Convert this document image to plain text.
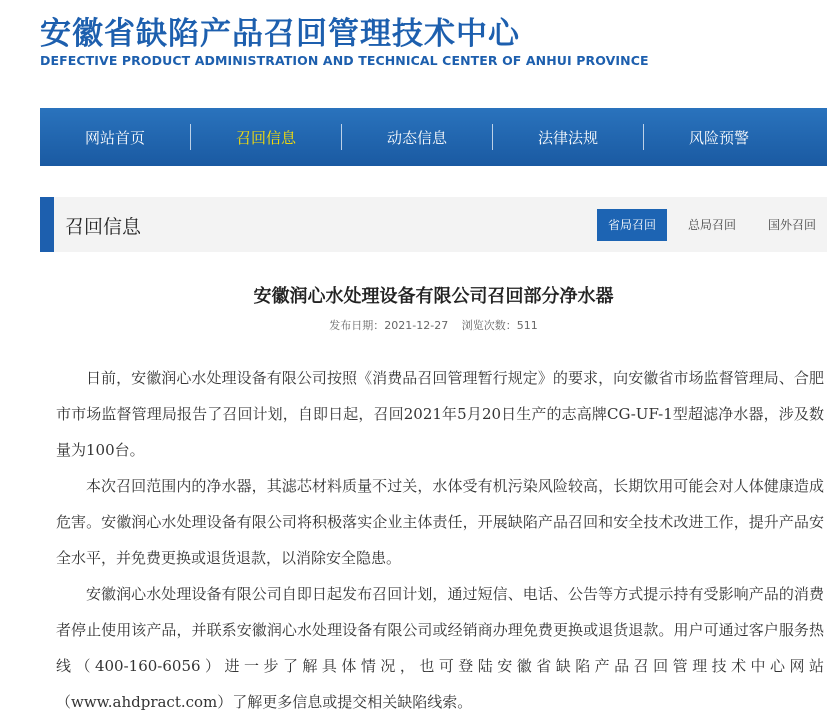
安徽省缺陷产品召回管理技术中心
DEFECTIVE PRODUCT ADMINISTRATION AND TECHNICAL CENTER OF ANHUI PROVINCE
网站首页	召回信息	动态信息	法律法规	风险预警
召回信息	省局召回	总局召回	国外召回
安徽润心水处理设备有限公司召回部分净水器
发布日期：2021-12-27 浏览次数：511

日前，安徽润心水处理设备有限公司按照《消费品召回管理暂行规定》的要求，向安徽省市场监督管理局、合肥市市场监督管理局报告了召回计划，自即日起，召回2021年5月20日生产的志高牌CG-UF-1型超滤净水器，涉及数量为100台。

本次召回范围内的净水器，其滤芯材料质量不过关，水体受有机污染风险较高，长期饮用可能会对人体健康造成危害。安徽润心水处理设备有限公司将积极落实企业主体责任，开展缺陷产品召回和安全技术改进工作，提升产品安全水平，并免费更换或退货退款，以消除安全隐患。

安徽润心水处理设备有限公司自即日起发布召回计划，通过短信、电话、公告等方式提示持有受影响产品的消费者停止使用该产品，并联系安徽润心水处理设备有限公司或经销商办理免费更换或退货退款。用户可通过客户服务热线（400-160-6056）进一步了解具体情况，也可登陆安徽省缺陷产品召回管理技术中心网站（www.ahdpract.com）了解更多信息或提交相关缺陷线索。
